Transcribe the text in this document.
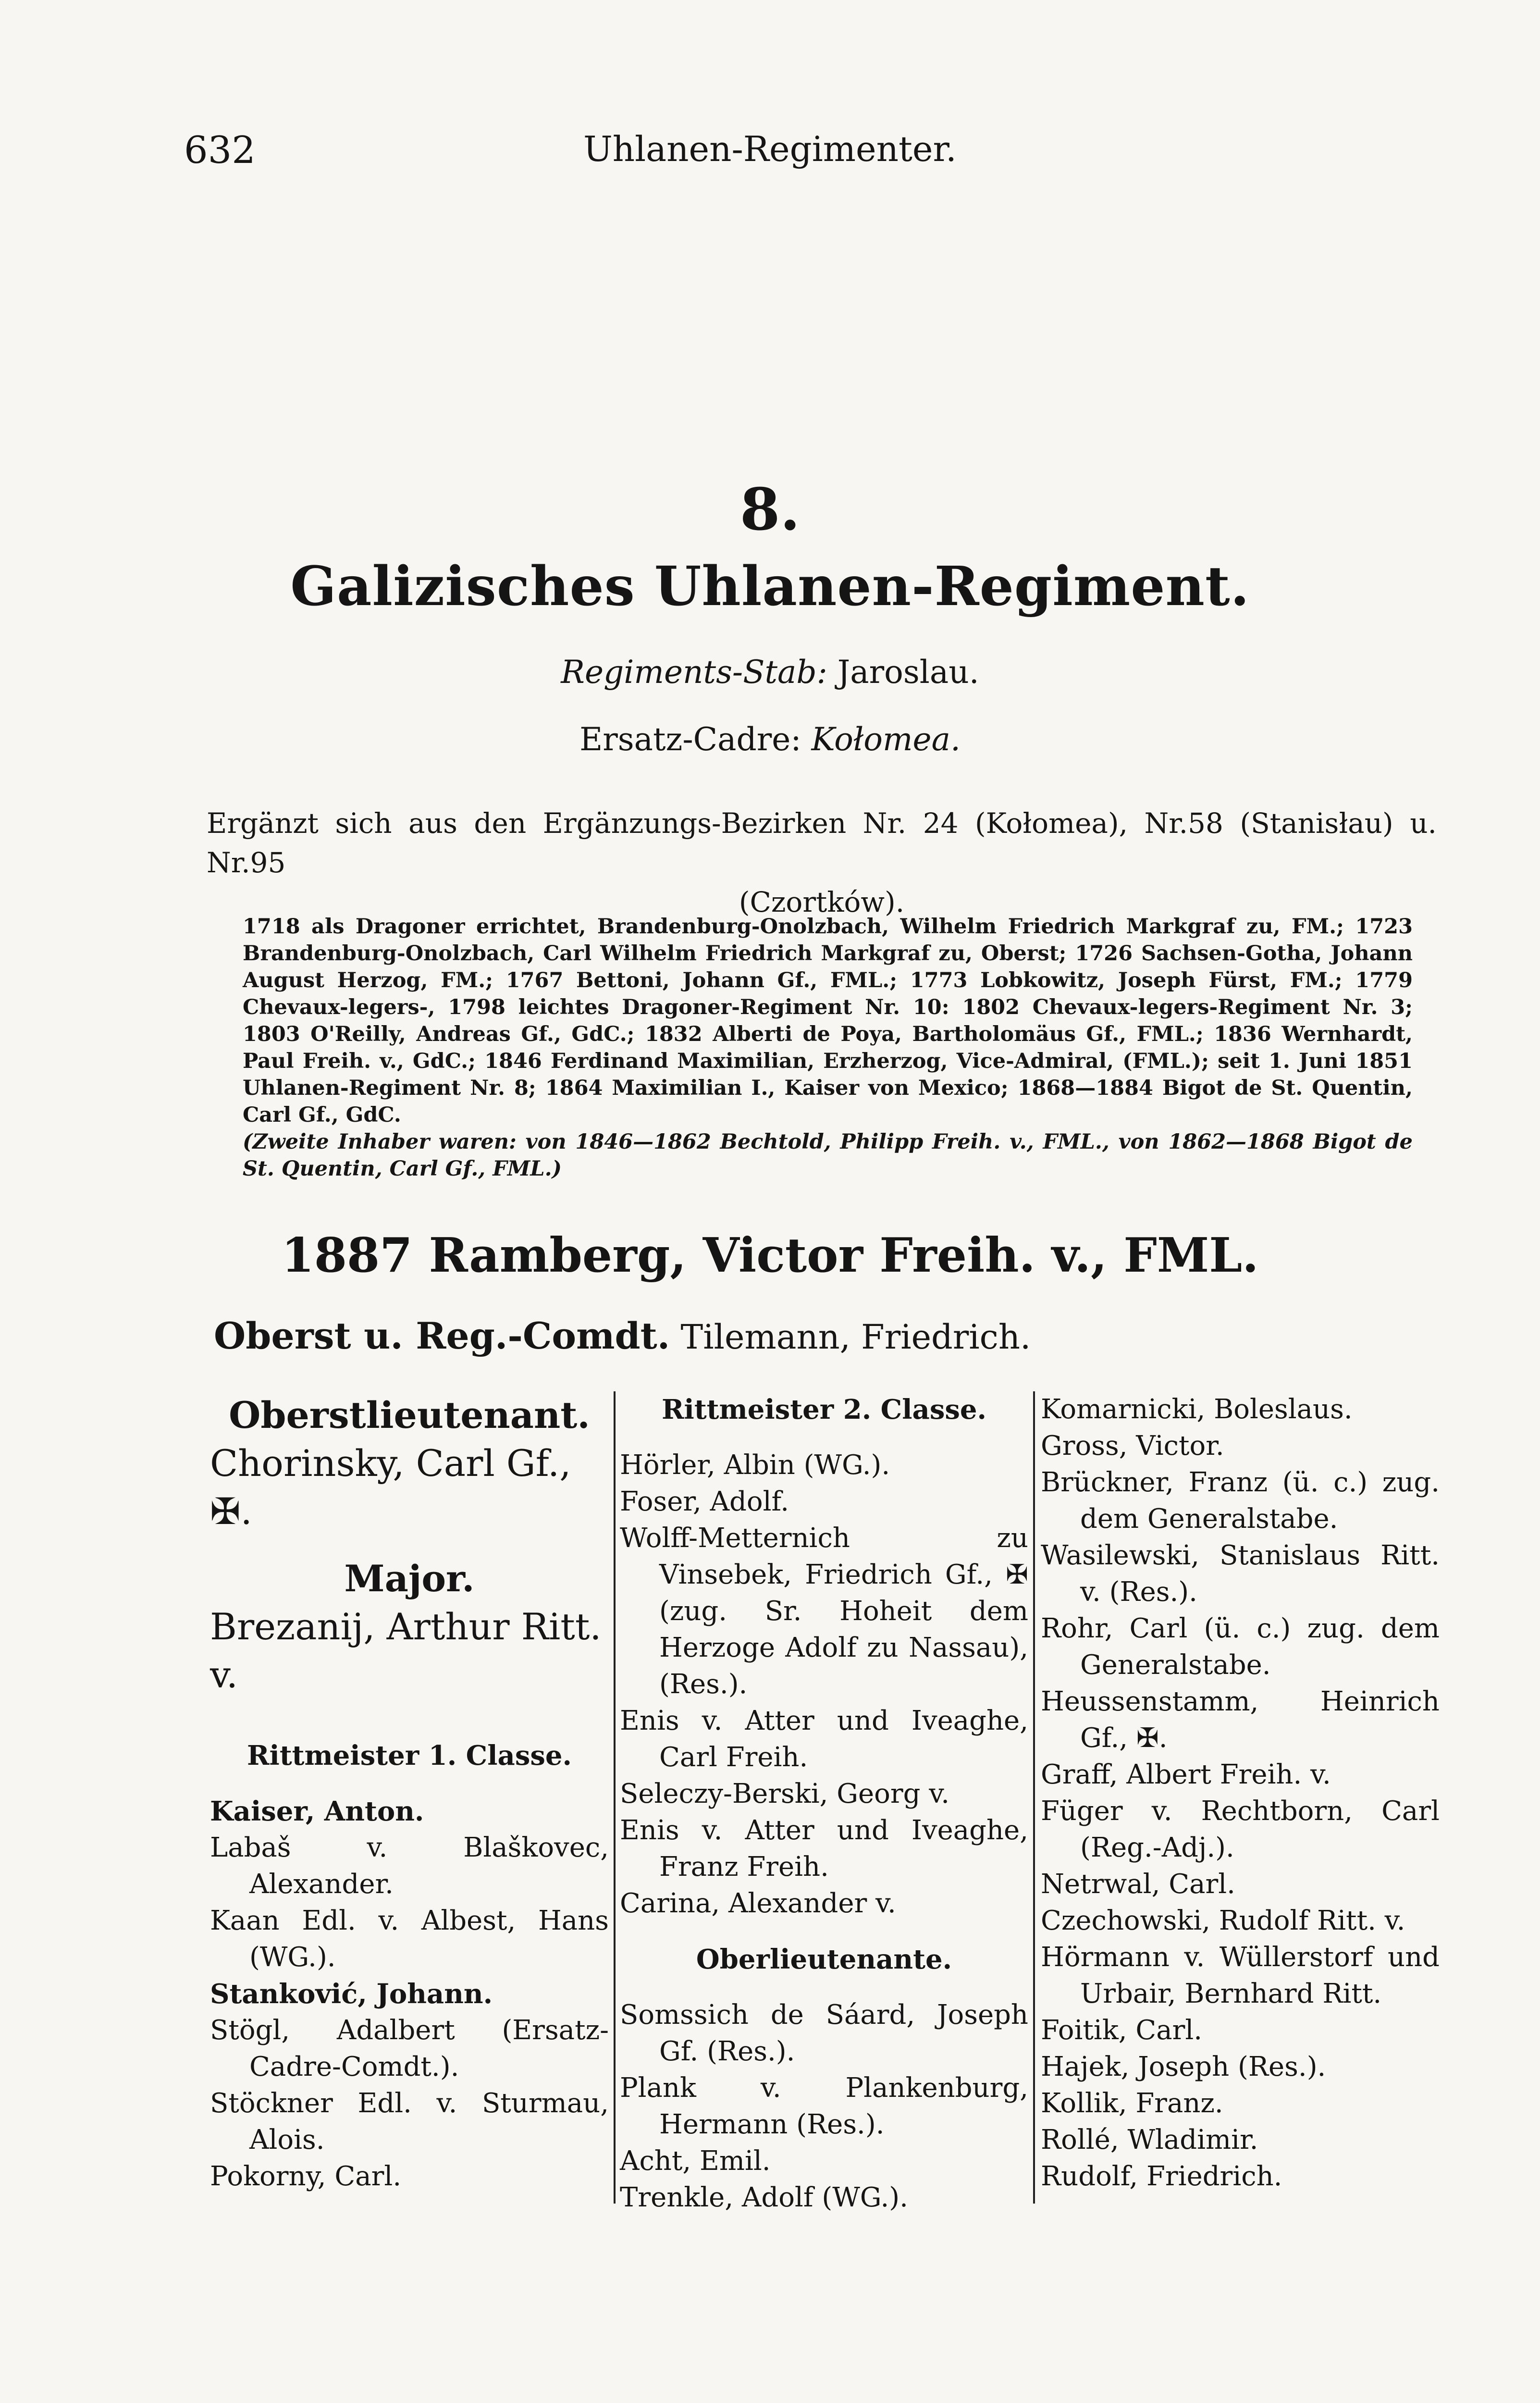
632	Uhlanen-Regimenter.
8.
Galizisches Uhlanen-Regiment.
Regiments-Stab: Jaroslau.
Ersatz-Cadre: Kołomea.
Ergänzt sich aus den Ergänzungs-Bezirken Nr. 24 (Kołomea), Nr.58 (Stanisłau) u. Nr.95
(Czortków).
1718 als Dragoner errichtet, Brandenburg-Onolzbach, Wilhelm Friedrich Markgraf zu, FM.; 1723 Brandenburg-Onolzbach, Carl Wilhelm Friedrich Markgraf zu, Oberst; 1726 Sachsen-Gotha, Johann August Herzog, FM.; 1767 Bettoni, Johann Gf., FML.; 1773 Lobkowitz, Joseph Fürst, FM.; 1779 Chevaux-legers-, 1798 leichtes Dragoner-Regiment Nr. 10: 1802 Chevaux-legers-Regiment Nr. 3; 1803 O'Reilly, Andreas Gf., GdC.; 1832 Alberti de Poya, Bartholomäus Gf., FML.; 1836 Wernhardt, Paul Freih. v., GdC.; 1846 Ferdinand Maximilian, Erzherzog, Vice-Admiral, (FML.); seit 1. Juni 1851 Uhlanen-Regiment Nr. 8; 1864 Maximilian I., Kaiser von Mexico; 1868—1884 Bigot de St. Quentin, Carl Gf., GdC.
(Zweite Inhaber waren: von 1846—1862 Bechtold, Philipp Freih. v., FML., von 1862—1868 Bigot de St. Quentin, Carl Gf., FML.)
1887 Ramberg, Victor Freih. v., FML.
Oberst u. Reg.-Comdt. Tilemann, Friedrich.
Oberstlieutenant.
Chorinsky, Carl Gf., ✠.
Major.
Brezanij, Arthur Ritt. v.
Rittmeister 1. Classe.
Kaiser, Anton.
Labaš v. Blaškovec, Alexander.
Kaan Edl. v. Albest, Hans (WG.).
Stanković, Johann.
Stögl, Adalbert (Ersatz-Cadre-Comdt.).
Stöckner Edl. v. Sturmau, Alois.
Pokorny, Carl.
Rittmeister 2. Classe.
Hörler, Albin (WG.).
Foser, Adolf.
Wolff-Metternich zu Vinsebek, Friedrich Gf., ✠ (zug. Sr. Hoheit dem Herzoge Adolf zu Nassau), (Res.).
Enis v. Atter und Iveaghe, Carl Freih.
Seleczy-Berski, Georg v.
Enis v. Atter und Iveaghe, Franz Freih.
Carina, Alexander v.
Oberlieutenante.
Somssich de Sáard, Joseph Gf. (Res.).
Plank v. Plankenburg, Hermann (Res.).
Acht, Emil.
Trenkle, Adolf (WG.).
Komarnicki, Boleslaus.
Gross, Victor.
Brückner, Franz (ü. c.) zug. dem Generalstabe.
Wasilewski, Stanislaus Ritt. v. (Res.).
Rohr, Carl (ü. c.) zug. dem Generalstabe.
Heussenstamm, Heinrich Gf., ✠.
Graff, Albert Freih. v.
Füger v. Rechtborn, Carl (Reg.-Adj.).
Netrwal, Carl.
Czechowski, Rudolf Ritt. v.
Hörmann v. Wüllerstorf und Urbair, Bernhard Ritt.
Foitik, Carl.
Hajek, Joseph (Res.).
Kollik, Franz.
Rollé, Wladimir.
Rudolf, Friedrich.
